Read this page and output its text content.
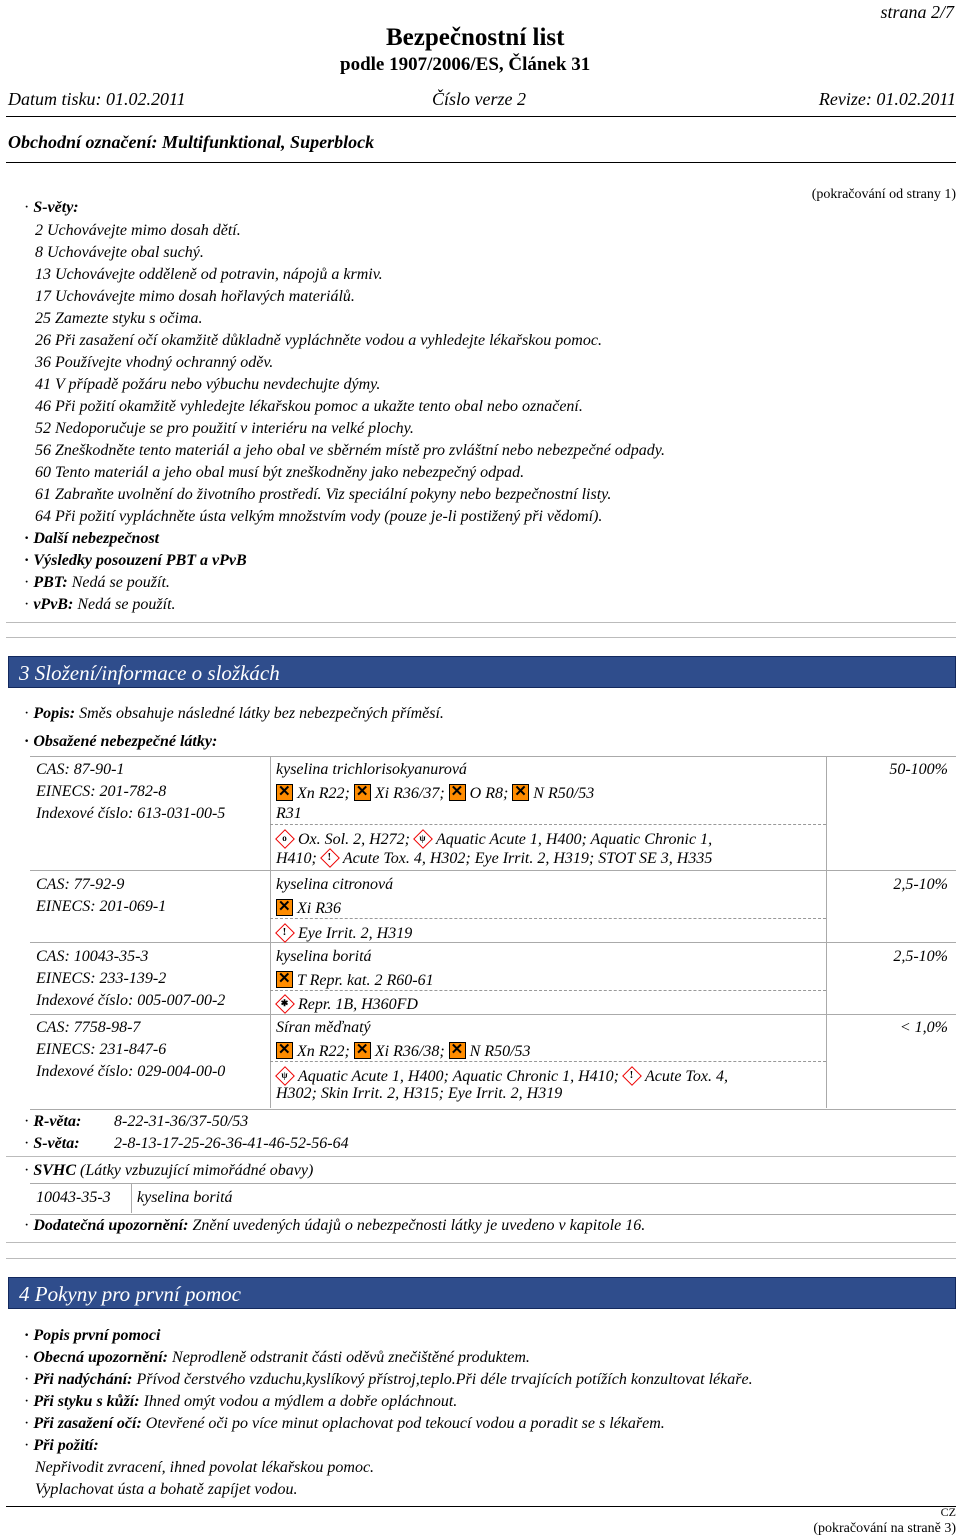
strana 2/7
Bezpečnostní list
podle 1907/2006/ES, Článek 31
Datum tisku: 01.02.2011	Číslo verze 2	Revize: 01.02.2011
Obchodní označení: Multifunktional, Superblock
(pokračování od strany 1)
· S-věty:
2 Uchovávejte mimo dosah dětí.
8 Uchovávejte obal suchý.
13 Uchovávejte odděleně od potravin, nápojů a krmiv.
17 Uchovávejte mimo dosah hořlavých materiálů.
25 Zamezte styku s očima.
26 Při zasažení očí okamžitě důkladně vypláchněte vodou a vyhledejte lékařskou pomoc.
36 Používejte vhodný ochranný oděv.
41 V případě požáru nebo výbuchu nevdechujte dýmy.
46 Při požití okamžitě vyhledejte lékařskou pomoc a ukažte tento obal nebo označení.
52 Nedoporučuje se pro použití v interiéru na velké plochy.
56 Zneškodněte tento materiál a jeho obal ve sběrném místě pro zvláštní nebo nebezpečné odpady.
60 Tento materiál a jeho obal musí být zneškodněny jako nebezpečný odpad.
61 Zabraňte uvolnění do životního prostředí. Viz speciální pokyny nebo bezpečnostní listy.
64 Při požití vypláchněte ústa velkým množstvím vody (pouze je-li postižený při vědomí).
· Další nebezpečnost
· Výsledky posouzení PBT a vPvB
· PBT: Nedá se použít.
· vPvB: Nedá se použít.
3 Složení/informace o složkách
· Popis: Směs obsahuje následné látky bez nebezpečných příměsí.
· Obsažené nebezpečné látky:
CAS: 87-90-1
EINECS: 201-782-8
Indexové číslo: 613-031-00-5
kyselina trichlorisokyanurová
✕Xn R22; ✕ Xi R36/37; ✕ O R8; ✕ N R50/53
R31
oOx. Sol. 2, H272; ψ Aquatic Acute 1, H400; Aquatic Chronic 1,
H410; ! Acute Tox. 4, H302; Eye Irrit. 2, H319; STOT SE 3, H335
50-100%
CAS: 77-92-9
EINECS: 201-069-1
kyselina citronová
✕Xi R36
!Eye Irrit. 2, H319
2,5-10%
CAS: 10043-35-3
EINECS: 233-139-2
Indexové číslo: 005-007-00-2
kyselina boritá
✕T Repr. kat. 2 R60-61
✱Repr. 1B, H360FD
2,5-10%
CAS: 7758-98-7
EINECS: 231-847-6
Indexové číslo: 029-004-00-0
Síran měďnatý
✕Xn R22; ✕ Xi R36/38; ✕ N R50/53
ψAquatic Acute 1, H400; Aquatic Chronic 1, H410; ! Acute Tox. 4,
H302; Skin Irrit. 2, H315; Eye Irrit. 2, H319
< 1,0%
· R-věta: 8-22-31-36/37-50/53
· S-věta: 2-8-13-17-25-26-36-41-46-52-56-64
· SVHC (Látky vzbuzující mimořádné obavy)
10043-35-3 kyselina boritá
· Dodatečná upozornění: Znění uvedených údajů o nebezpečnosti látky je uvedeno v kapitole 16.
4 Pokyny pro první pomoc
· Popis první pomoci
· Obecná upozornění: Neprodleně odstranit části oděvů znečištěné produktem.
· Při nadýchání: Přívod čerstvého vzduchu,kyslíkový přístroj,teplo.Při déle trvajících potížích konzultovat lékaře.
· Při styku s kůží: Ihned omýt vodou a mýdlem a dobře opláchnout.
· Při zasažení očí: Otevřené oči po více minut oplachovat pod tekoucí vodou a poradit se s lékařem.
· Při požití:
Nepřivodit zvracení, ihned povolat lékařskou pomoc.
Vyplachovat ústa a bohatě zapíjet vodou.
CZ
(pokračování na straně 3)
